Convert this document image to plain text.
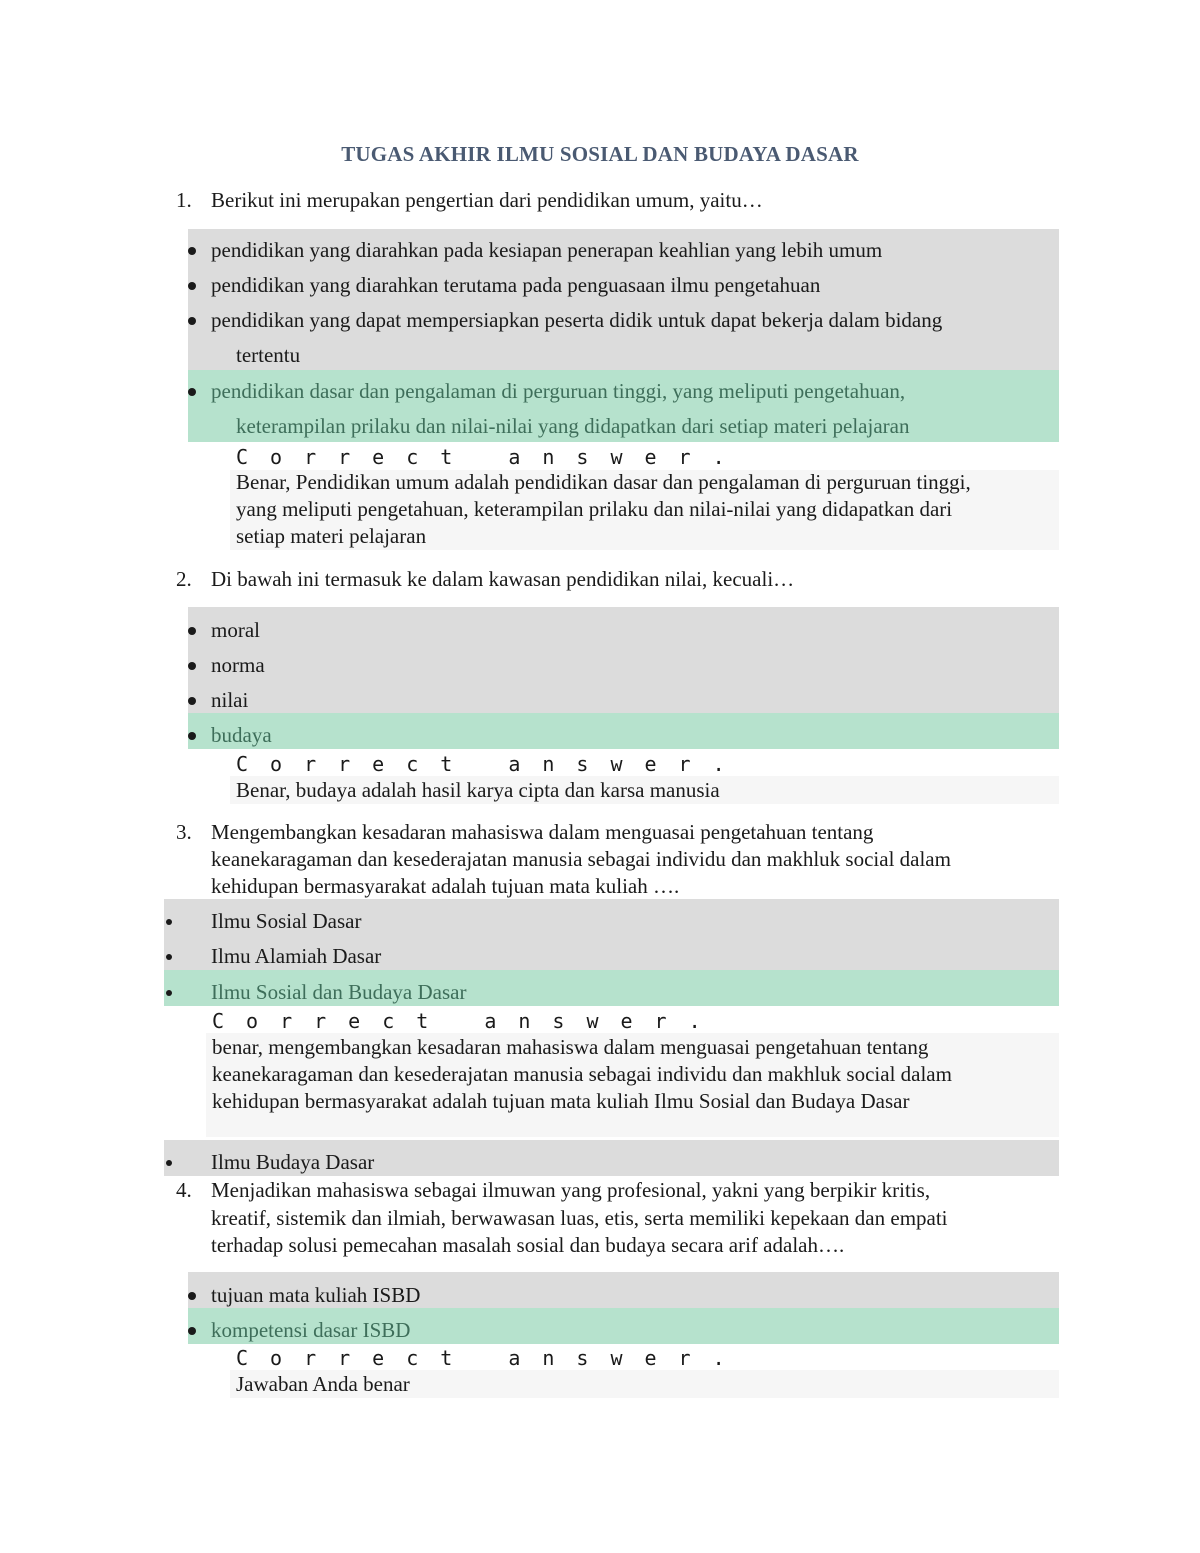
TUGAS AKHIR ILMU SOSIAL DAN BUDAYA DASAR
1. Berikut ini merupakan pengertian dari pendidikan umum, yaitu…
pendidikan yang diarahkan pada kesiapan penerapan keahlian yang lebih umum
pendidikan yang diarahkan terutama pada penguasaan ilmu pengetahuan
pendidikan yang dapat mempersiapkan peserta didik untuk dapat bekerja dalam bidang
tertentu
pendidikan dasar dan pengalaman di perguruan tinggi, yang meliputi pengetahuan,
keterampilan prilaku dan nilai-nilai yang didapatkan dari setiap materi pelajaran
Correct answer.
Benar, Pendidikan umum adalah pendidikan dasar dan pengalaman di perguruan tinggi,
yang meliputi pengetahuan, keterampilan prilaku dan nilai-nilai yang didapatkan dari
setiap materi pelajaran
2. Di bawah ini termasuk ke dalam kawasan pendidikan nilai, kecuali…
moral
norma
nilai
budaya
Correct answer.
Benar, budaya adalah hasil karya cipta dan karsa manusia
3. Mengembangkan kesadaran mahasiswa dalam menguasai pengetahuan tentang
keanekaragaman dan kesederajatan manusia sebagai individu dan makhluk social dalam
kehidupan bermasyarakat adalah tujuan mata kuliah ….
Ilmu Sosial Dasar
Ilmu Alamiah Dasar
Ilmu Sosial dan Budaya Dasar
Correct answer.
benar, mengembangkan kesadaran mahasiswa dalam menguasai pengetahuan tentang
keanekaragaman dan kesederajatan manusia sebagai individu dan makhluk social dalam
kehidupan bermasyarakat adalah tujuan mata kuliah Ilmu Sosial dan Budaya Dasar
Ilmu Budaya Dasar
4. Menjadikan mahasiswa sebagai ilmuwan yang profesional, yakni yang berpikir kritis,
kreatif, sistemik dan ilmiah, berwawasan luas, etis, serta memiliki kepekaan dan empati
terhadap solusi pemecahan masalah sosial dan budaya secara arif adalah….
tujuan mata kuliah ISBD
kompetensi dasar ISBD
Correct answer.
Jawaban Anda benar
